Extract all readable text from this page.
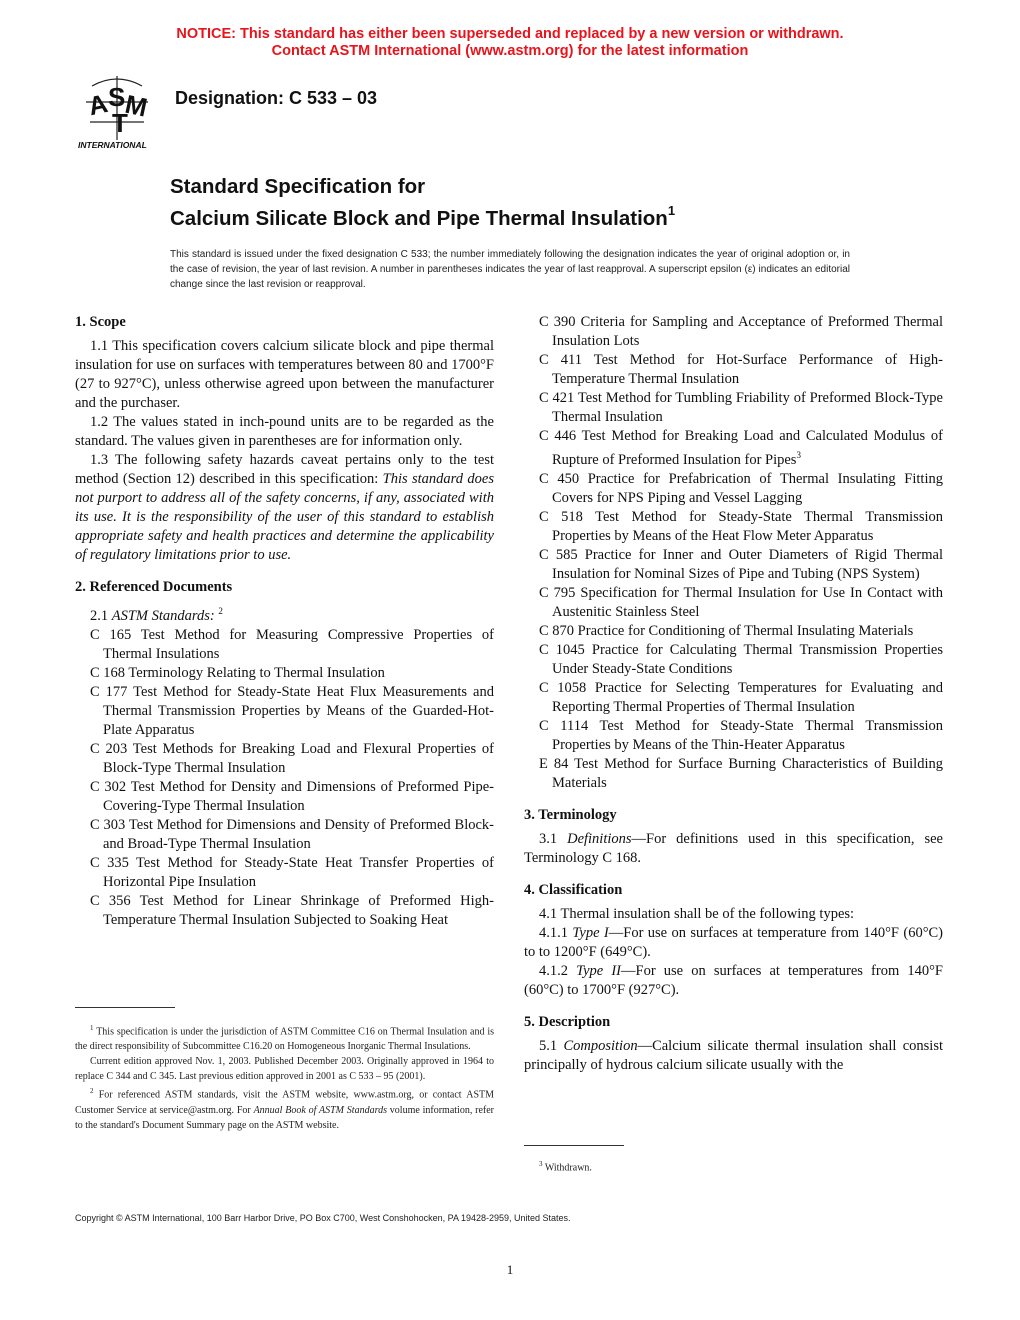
NOTICE: This standard has either been superseded and replaced by a new version or withdrawn.
Contact ASTM International (www.astm.org) for the latest information
A
S
M
T
INTERNATIONAL
Designation: C 533 – 03
Standard Specification for
Calcium Silicate Block and Pipe Thermal Insulation$^1$
This standard is issued under the fixed designation C 533; the number immediately following the designation indicates the year of original adoption or, in the case of revision, the year of last revision. A number in parentheses indicates the year of last reapproval. A superscript epsilon (ε) indicates an editorial change since the last revision or reapproval.

1. Scope

1.1 This specification covers calcium silicate block and pipe thermal insulation for use on surfaces with temperatures between 80 and 1700°F (27 to 927°C), unless otherwise agreed upon between the manufacturer and the purchaser.

1.2 The values stated in inch-pound units are to be regarded as the standard. The values given in parentheses are for information only.

1.3 The following safety hazards caveat pertains only to the test method (Section 12) described in this specification: This standard does not purport to address all of the safety concerns, if any, associated with its use. It is the responsibility of the user of this standard to establish appropriate safety and health practices and determine the applicability of regulatory limitations prior to use.

2. Referenced Documents

2.1 ASTM Standards: $^2$

C 165 Test Method for Measuring Compressive Properties of Thermal Insulations

C 168 Terminology Relating to Thermal Insulation

C 177 Test Method for Steady-State Heat Flux Measurements and Thermal Transmission Properties by Means of the Guarded-Hot-Plate Apparatus

C 203 Test Methods for Breaking Load and Flexural Properties of Block-Type Thermal Insulation

C 302 Test Method for Density and Dimensions of Preformed Pipe-Covering-Type Thermal Insulation

C 303 Test Method for Dimensions and Density of Preformed Block- and Broad-Type Thermal Insulation

C 335 Test Method for Steady-State Heat Transfer Properties of Horizontal Pipe Insulation

C 356 Test Method for Linear Shrinkage of Preformed High-Temperature Thermal Insulation Subjected to Soaking Heat

C 390 Criteria for Sampling and Acceptance of Preformed Thermal Insulation Lots

C 411 Test Method for Hot-Surface Performance of High-Temperature Thermal Insulation

C 421 Test Method for Tumbling Friability of Preformed Block-Type Thermal Insulation

C 446 Test Method for Breaking Load and Calculated Modulus of Rupture of Preformed Insulation for Pipes$^3$

C 450 Practice for Prefabrication of Thermal Insulating Fitting Covers for NPS Piping and Vessel Lagging

C 518 Test Method for Steady-State Thermal Transmission Properties by Means of the Heat Flow Meter Apparatus

C 585 Practice for Inner and Outer Diameters of Rigid Thermal Insulation for Nominal Sizes of Pipe and Tubing (NPS System)

C 795 Specification for Thermal Insulation for Use In Contact with Austenitic Stainless Steel

C 870 Practice for Conditioning of Thermal Insulating Materials

C 1045 Practice for Calculating Thermal Transmission Properties Under Steady-State Conditions

C 1058 Practice for Selecting Temperatures for Evaluating and Reporting Thermal Properties of Thermal Insulation

C 1114 Test Method for Steady-State Thermal Transmission Properties by Means of the Thin-Heater Apparatus

E 84 Test Method for Surface Burning Characteristics of Building Materials

3. Terminology

3.1 Definitions—For definitions used in this specification, see Terminology C 168.

4. Classification

4.1 Thermal insulation shall be of the following types:

4.1.1 Type I—For use on surfaces at temperature from 140°F (60°C) to to 1200°F (649°C).

4.1.2 Type II—For use on surfaces at temperatures from 140°F (60°C) to 1700°F (927°C).

5. Description

5.1 Composition—Calcium silicate thermal insulation shall consist principally of hydrous calcium silicate usually with the

$^1$ This specification is under the jurisdiction of ASTM Committee C16 on Thermal Insulation and is the direct responsibility of Subcommittee C16.20 on Homogeneous Inorganic Thermal Insulations.

Current edition approved Nov. 1, 2003. Published December 2003. Originally approved in 1964 to replace C 344 and C 345. Last previous edition approved in 2001 as C 533 – 95 (2001).

$^2$ For referenced ASTM standards, visit the ASTM website, www.astm.org, or contact ASTM Customer Service at service@astm.org. For Annual Book of ASTM Standards volume information, refer to the standard's Document Summary page on the ASTM website.

$^3$ Withdrawn.

Copyright © ASTM International, 100 Barr Harbor Drive, PO Box C700, West Conshohocken, PA 19428-2959, United States.
1
